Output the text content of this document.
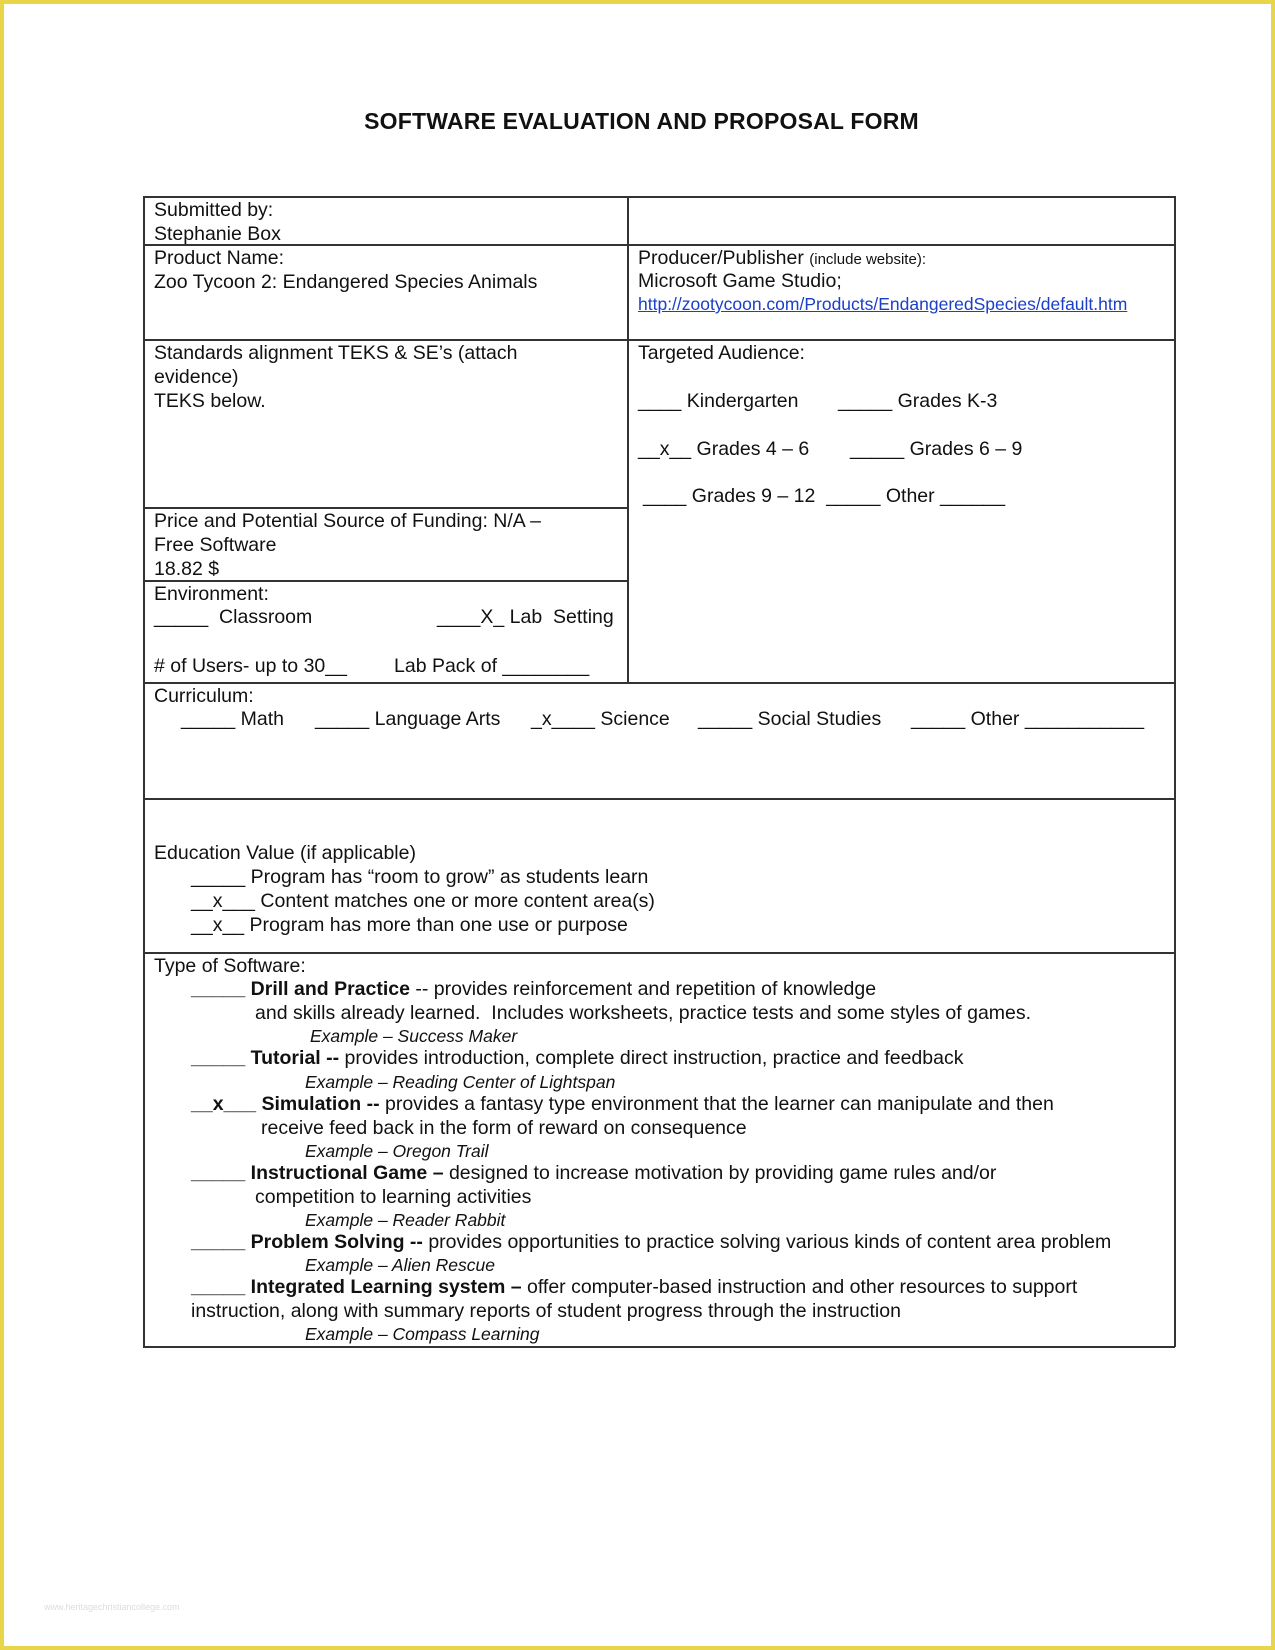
SOFTWARE EVALUATION AND PROPOSAL FORM
Submitted by:
Stephanie Box
Product Name:
Zoo Tycoon 2: Endangered Species Animals
Producer/Publisher (include website):
Microsoft Game Studio;
http://zootycoon.com/Products/EndangeredSpecies/default.htm
Standards alignment TEKS & SE’s (attach
evidence)
TEKS below.
Targeted Audience:
____ Kindergarten _____ Grades K-3
__x__ Grades 4 – 6 _____ Grades 6 – 9
____ Grades 9 – 12  _____ Other ______
Price and Potential Source of Funding: N/A –
Free Software
18.82 $
Environment:
_____  Classroom	____X_ Lab  Setting
# of Users- up to 30__ Lab Pack of ________
Curriculum:
_____ Math _____ Language Arts _x____ Science _____ Social Studies _____ Other ___________
Education Value (if applicable)
_____ Program has “room to grow” as students learn
__x___ Content matches one or more content area(s)
__x__ Program has more than one use or purpose
Type of Software:
_____ Drill and Practice -- provides reinforcement and repetition of knowledge
and skills already learned.  Includes worksheets, practice tests and some styles of games.
Example – Success Maker
_____ Tutorial -- provides introduction, complete direct instruction, practice and feedback
Example – Reading Center of Lightspan
__x___ Simulation -- provides a fantasy type environment that the learner can manipulate and then
receive feed back in the form of reward on consequence
Example – Oregon Trail
_____ Instructional Game – designed to increase motivation by providing game rules and/or
competition to learning activities
Example – Reader Rabbit
_____ Problem Solving -- provides opportunities to practice solving various kinds of content area problem
Example – Alien Rescue
_____ Integrated Learning system – offer computer-based instruction and other resources to support
instruction, along with summary reports of student progress through the instruction
Example – Compass Learning
www.heritagechristiancollege.com
